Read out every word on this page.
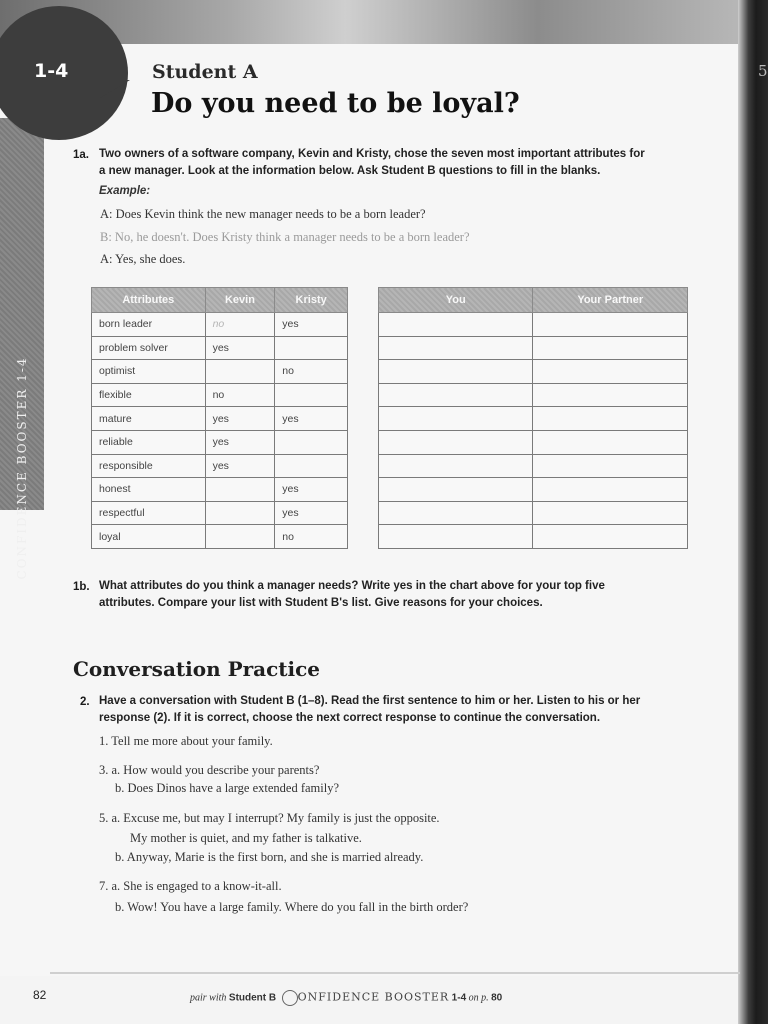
5
CONFIDENCE BOOSTER 1-4
1-4	Student A
Do you need to be loyal?
1a. Two owners of a software company, Kevin and Kristy, chose the seven most important attributes for
a new manager. Look at the information below. Ask Student B questions to fill in the blanks.
Example:
A: Does Kevin think the new manager needs to be a born leader?
B: No, he doesn't. Does Kristy think a manager needs to be a born leader?
A: Yes, she does.
Attributes	Kevin	Kristy
born leader	no	yes
problem solver	yes	
optimist		no
flexible	no	
mature	yes	yes
reliable	yes	
responsible	yes	
honest		yes
respectful		yes
loyal		no
You	Your Partner

1b. What attributes do you think a manager needs? Write yes in the chart above for your top five
attributes. Compare your list with Student B's list. Give reasons for your choices.
Conversation Practice
2. Have a conversation with Student B (1–8). Read the first sentence to him or her. Listen to his or her
response (2). If it is correct, choose the next correct response to continue the conversation.
1. Tell me more about your family.
3. a. How would you describe your parents?
b. Does Dinos have a large extended family?
5. a. Excuse me, but may I interrupt? My family is just the opposite.
My mother is quiet, and my father is talkative.
b. Anyway, Marie is the first born, and she is married already.
7. a. She is engaged to a know-it-all.
b. Wow! You have a large family. Where do you fall in the birth order?
82	pair with Student B ONFIDENCE BOOSTER 1-4 on p. 80
